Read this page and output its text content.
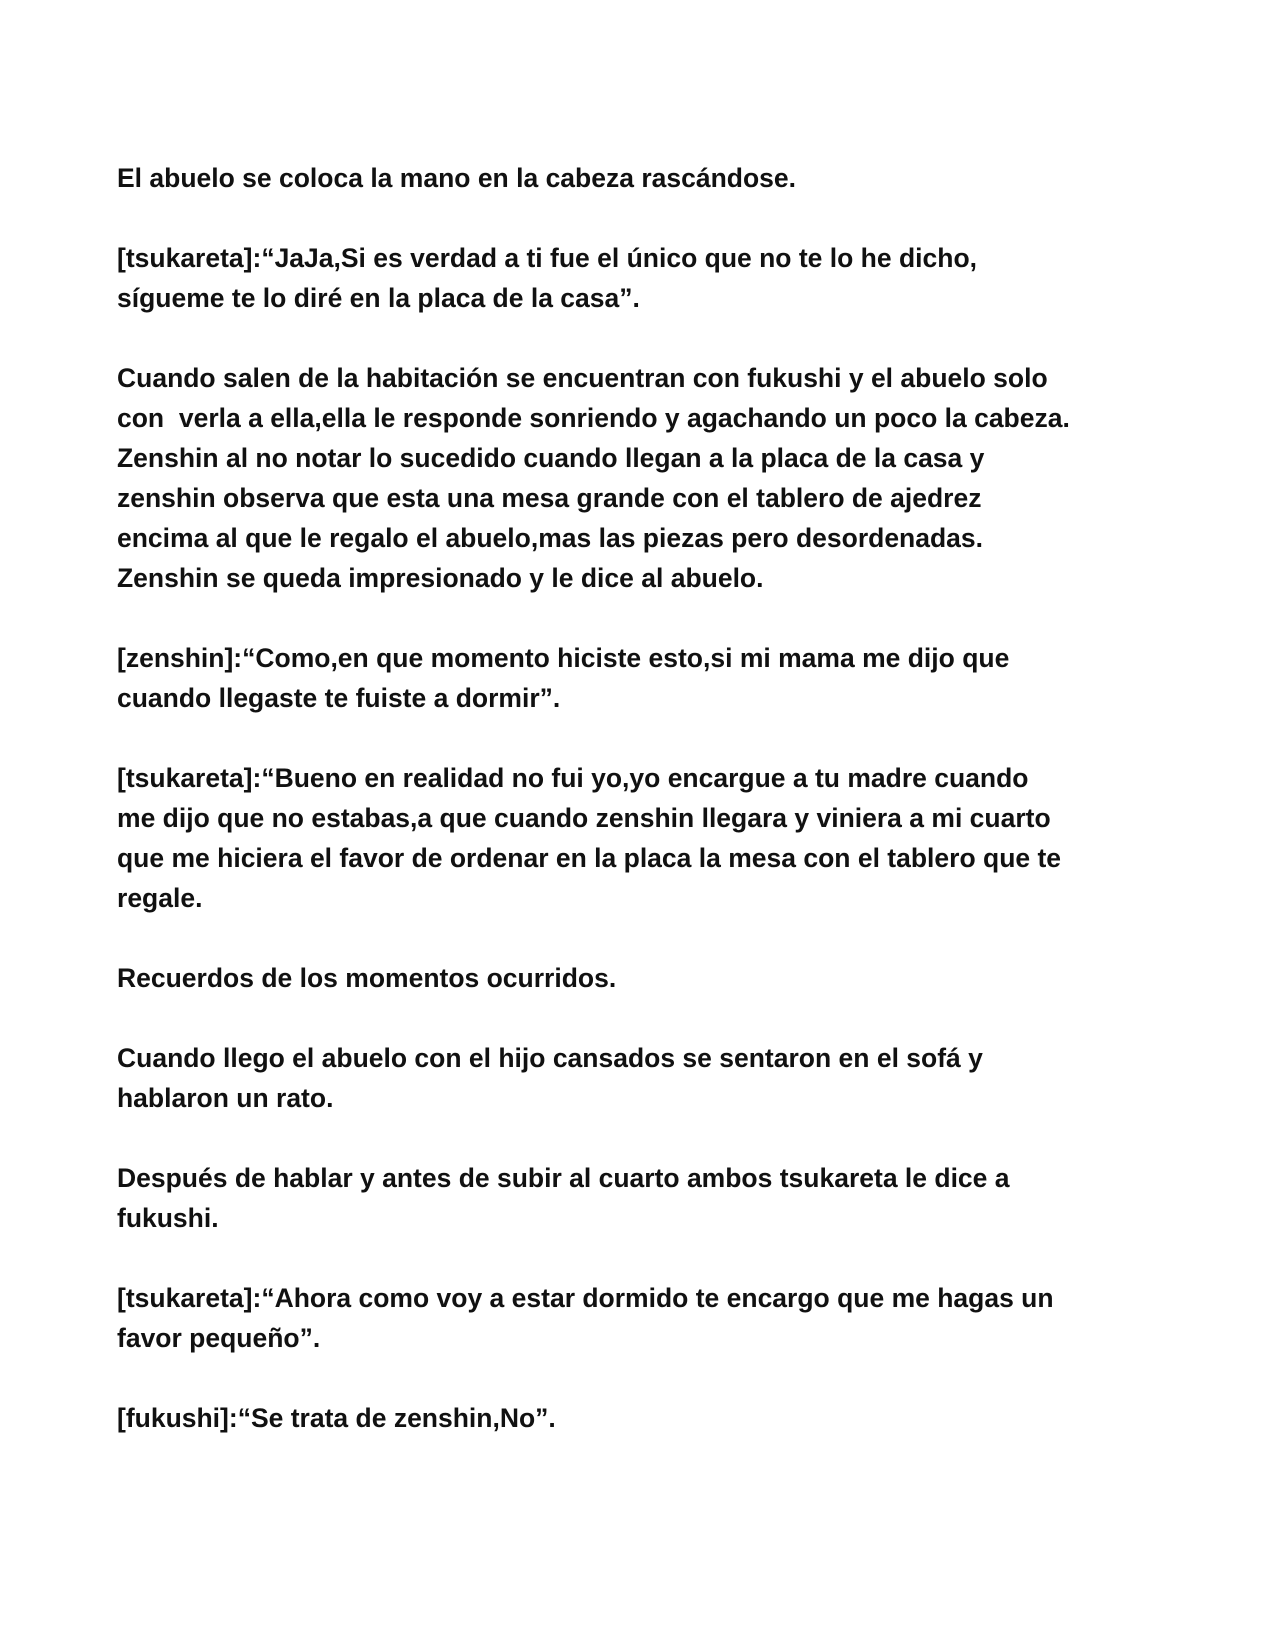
El abuelo se coloca la mano en la cabeza rascándose.

[tsukareta]:“JaJa,Si es verdad a ti fue el único que no te lo he dicho,
sígueme te lo diré en la placa de la casa”.

Cuando salen de la habitación se encuentran con fukushi y el abuelo solo
con  verla a ella,ella le responde sonriendo y agachando un poco la cabeza.
Zenshin al no notar lo sucedido cuando llegan a la placa de la casa y
zenshin observa que esta una mesa grande con el tablero de ajedrez
encima al que le regalo el abuelo,mas las piezas pero desordenadas.
Zenshin se queda impresionado y le dice al abuelo.

[zenshin]:“Como,en que momento hiciste esto,si mi mama me dijo que
cuando llegaste te fuiste a dormir”.

[tsukareta]:“Bueno en realidad no fui yo,yo encargue a tu madre cuando
me dijo que no estabas,a que cuando zenshin llegara y viniera a mi cuarto
que me hiciera el favor de ordenar en la placa la mesa con el tablero que te
regale.

Recuerdos de los momentos ocurridos.

Cuando llego el abuelo con el hijo cansados se sentaron en el sofá y
hablaron un rato.

Después de hablar y antes de subir al cuarto ambos tsukareta le dice a
fukushi.

[tsukareta]:“Ahora como voy a estar dormido te encargo que me hagas un
favor pequeño”.

[fukushi]:“Se trata de zenshin,No”.
